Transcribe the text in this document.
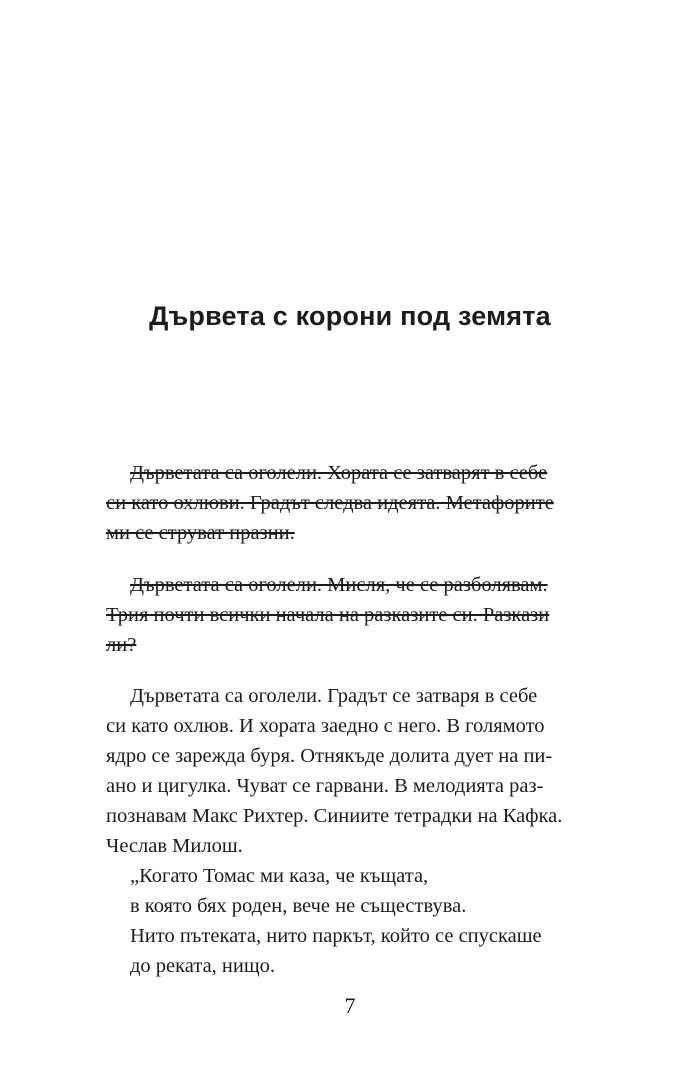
Дървета с корони под земята
Дърветата са оголели. Хората се затварят в себе
си като охлюви. Градът следва идеята. Метафорите
ми се струват празни.
Дърветата са оголели. Мисля, че се разболявам.
Трия почти всички начала на разказите си. Разкази
ли?
Дърветата са оголели. Градът се затваря в себе
си като охлюв. И хората заедно с него. В голямото
ядро се зарежда буря. Отнякъде долита дует на пи-
ано и цигулка. Чуват се гарвани. В мелодията раз-
познавам Макс Рихтер. Синиите тетрадки на Кафка.
Чеслав Милош.
„Когато Томас ми каза, че къщата,
в която бях роден, вече не съществува.
Нито пътеката, нито паркът, който се спускаше
до реката, нищо.
7
